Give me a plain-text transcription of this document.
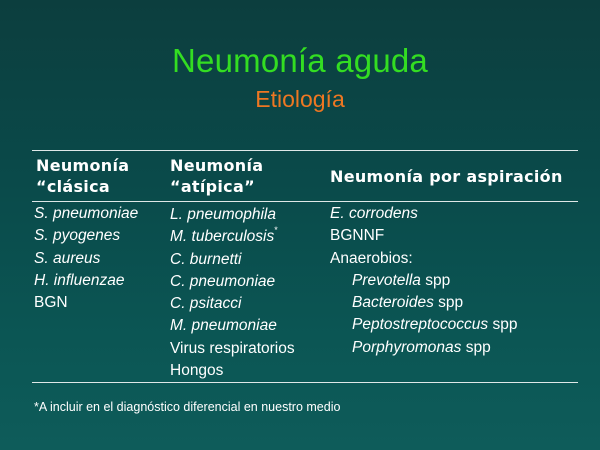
Neumonía aguda
Etiología
Neumonía
“clásica
Neumonía
“atípica”
Neumonía por aspiración
S. pneumoniae
S. pyogenes
S. aureus
H. influenzae
BGN
L. pneumophila
M. tuberculosis*
C. burnetti
C. pneumoniae
C. psitacci
M. pneumoniae
Virus respiratorios
Hongos
E. corrodens
BGNNF
Anaerobios:
Prevotella spp
Bacteroides spp
Peptostreptococcus spp
Porphyromonas spp
*A incluir en el diagnóstico diferencial en nuestro medio
